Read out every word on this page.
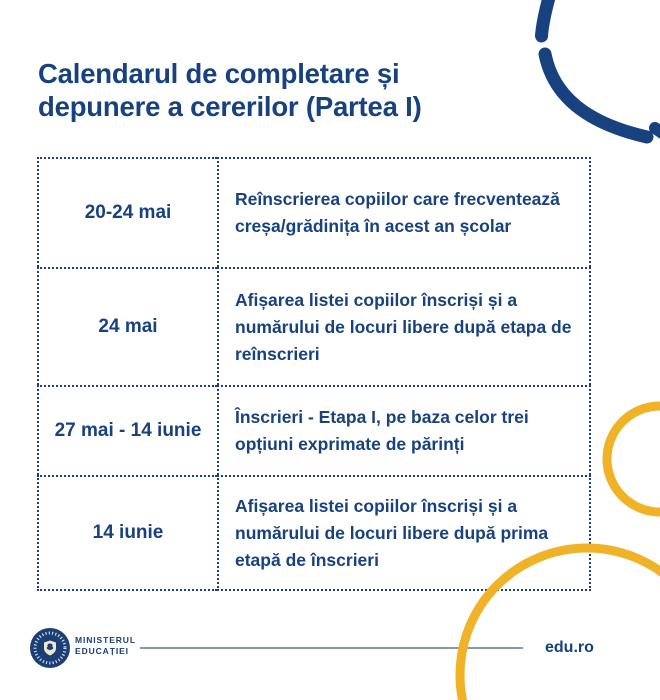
Calendarul de completare și
depunere a cererilor (Partea I)
20-24 mai
Reînscrierea copiilor care frecventează creșa/grădinița în acest an școlar
24 mai
Afișarea listei copiilor înscriși și a numărului de locuri libere după etapa de reînscrieri
27 mai - 14 iunie
Înscrieri - Etapa I, pe baza celor trei opțiuni exprimate de părinți
14 iunie
Afișarea listei copiilor înscriși și a numărului de locuri libere după prima etapă de înscrieri
MINISTERUL
EDUCAȚIEI	edu.ro
